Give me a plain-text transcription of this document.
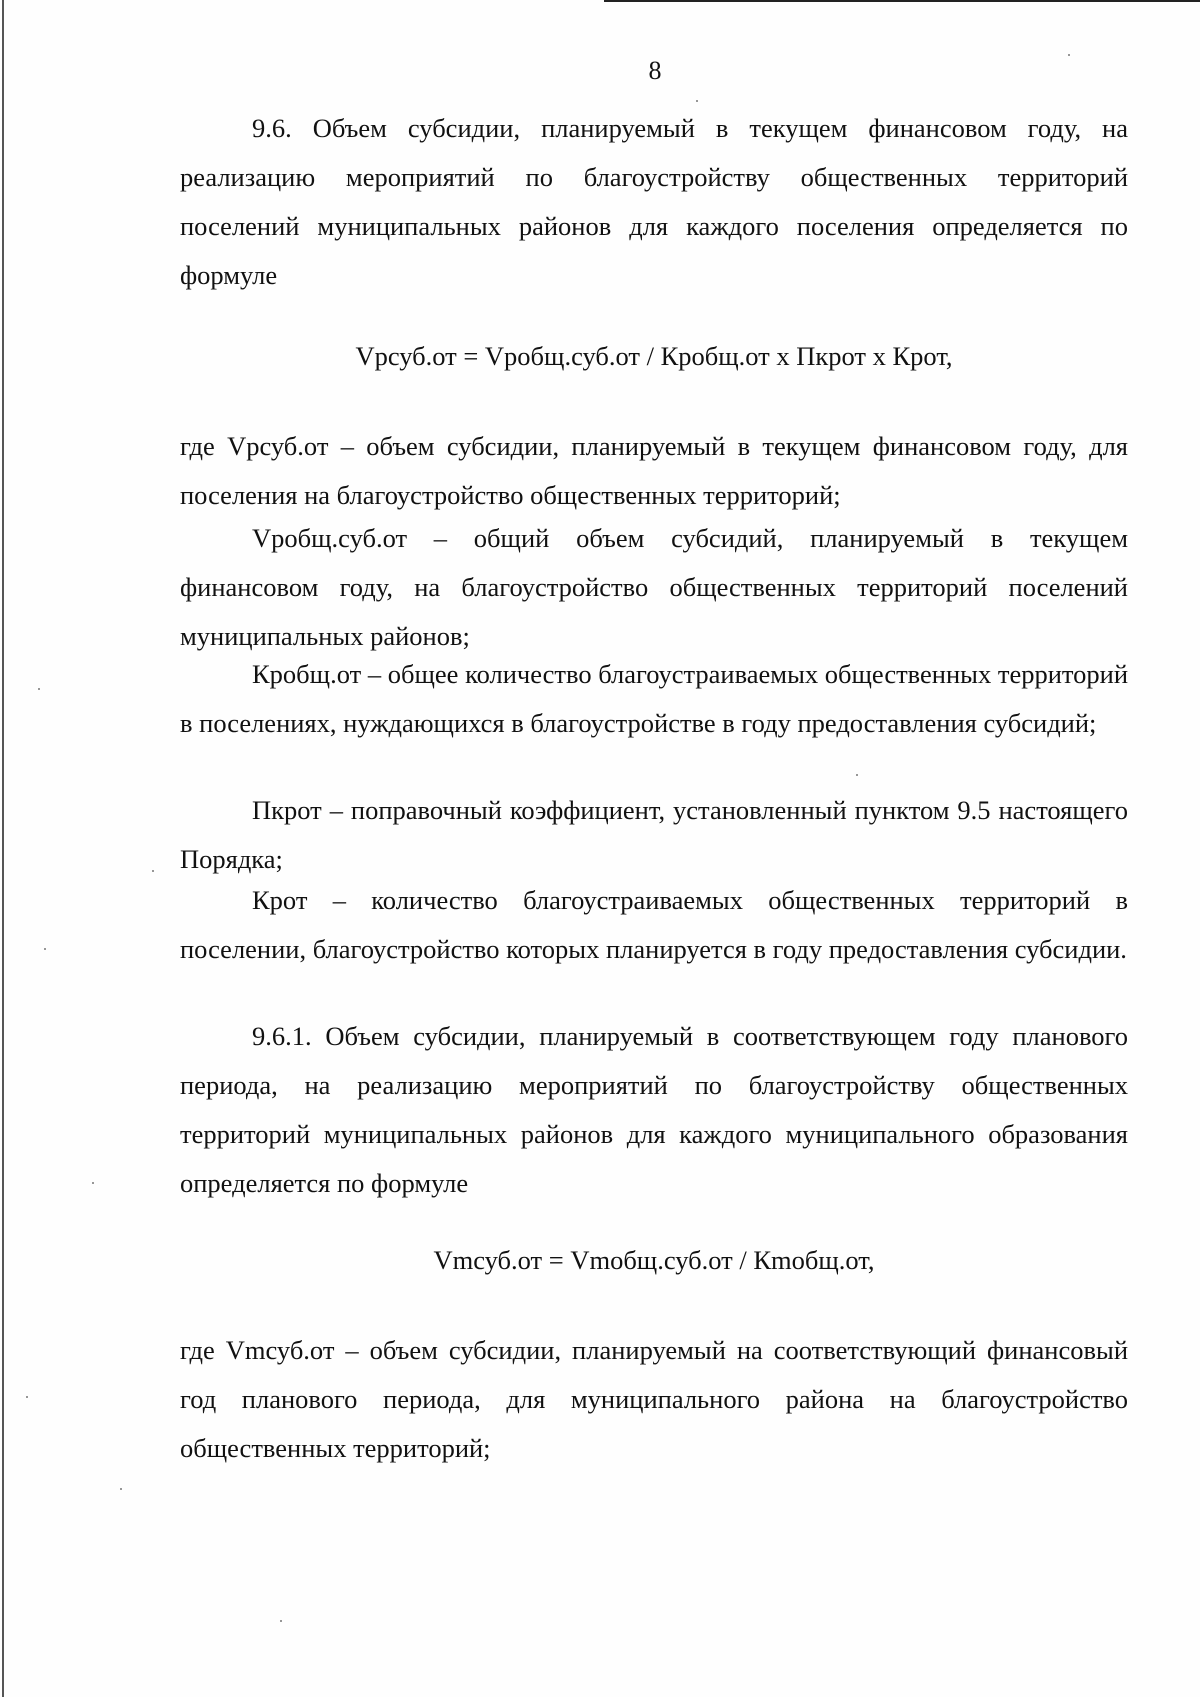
8

9.6. Объем субсидии, планируемый в текущем финансовом году, на реализацию мероприятий по благоустройству общественных территорий поселений муниципальных районов для каждого поселения определяется по формуле

Vpсуб.от = Vpобщ.суб.от / Кpобщ.от х Пкpот х Кpот,

где Vpсуб.от – объем субсидии, планируемый в текущем финансовом году, для поселения на благоустройство общественных территорий;

Vpобщ.суб.от – общий объем субсидий, планируемый в текущем финансовом году, на благоустройство общественных территорий поселений муниципальных районов;

Кpобщ.от – общее количество благоустраиваемых общественных территорий в поселениях, нуждающихся в благоустройстве в году предоставления субсидий;

Пкpот – поправочный коэффициент, установленный пунктом 9.5 настоящего Порядка;

Кpот – количество благоустраиваемых общественных территорий в поселении, благоустройство которых планируется в году предоставления субсидии.

9.6.1. Объем субсидии, планируемый в соответствующем году планового периода, на реализацию мероприятий по благоустройству общественных территорий муниципальных районов для каждого муниципального образования определяется по формуле

Vmсуб.от = Vmобщ.суб.от / Кmобщ.от,

где Vmсуб.от – объем субсидии, планируемый на соответствующий финансовый год планового периода, для муниципального района на благоустройство общественных территорий;
